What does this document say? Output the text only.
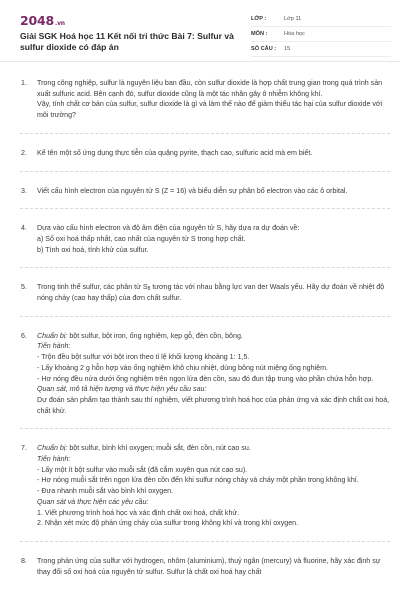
2048.vn
Giải SGK Hoá học 11 Kết nối tri thức Bài 7: Sulfur và sulfur dioxide có đáp án
LỚP :	Lớp 11
MÔN :	Hóa học
SỐ CÂU :	15
1.	Trong công nghiệp, sulfur là nguyên liệu ban đầu, còn sulfur dioxide là hợp chất trung gian trong quá trình sản xuất sulfuric acid. Bên cạnh đó, sulfur dioxide cũng là một tác nhân gây ô nhiễm không khí.

Vậy, tính chất cơ bản của sulfur, sulfur dioxide là gì và làm thế nào để giảm thiểu tác hại của sulfur dioxide với môi trường?

2.	Kể tên một số ứng dụng thực tiễn của quặng pyrite, thạch cao, sulfuric acid mà em biết.

3.	Viết cấu hình electron của nguyên tử S (Z = 16) và biểu diễn sự phân bố electron vào các ô orbital.

4.	Dựa vào cấu hình electron và độ âm điện của nguyên tử S, hãy dựa ra dự đoán về:

a) Số oxi hoá thấp nhất, cao nhất của nguyên tử S trong hợp chất.

b) Tính oxi hoá, tính khử của sulfur.

5.	Trong tinh thể sulfur, các phân tử $S_8$ tương tác với nhau bằng lực van der Waals yếu. Hãy dự đoán về nhiệt độ nóng chảy (cao hay thấp) của đơn chất sulfur.

6.	Chuẩn bị: bột sulfur, bột iron, ống nghiệm, kẹp gỗ, đèn cồn, bông.

Tiến hành:

- Trộn đều bột sulfur với bột iron theo tỉ lệ khối lượng khoảng 1: 1,5.

- Lấy khoảng 2 g hỗn hợp vào ống nghiệm khô chịu nhiệt, dùng bông nút miệng ống nghiệm.

- Hơ nóng đều nửa dưới ống nghiệm trên ngọn lửa đèn cồn, sau đó đun tập trung vào phần chứa hỗn hợp.

Quan sát, mô tả hiện tượng và thực hiện yêu cầu sau:

Dự đoán sản phẩm tạo thành sau thí nghiệm, viết phương trình hoá học của phản ứng và xác định chất oxi hoá, chất khử.

7.	Chuẩn bị: bột sulfur, bình khí oxygen; muỗi sắt, đèn cồn, nút cao su.

Tiến hành:

- Lấy một ít bột sulfur vào muỗi sắt (đã cắm xuyên qua nút cao su).

- Hơ nóng muỗi sắt trên ngọn lửa đèn cồn đến khi sulfur nóng chảy và cháy một phần trong không khí.

- Đưa nhanh muỗi sắt vào bình khí oxygen.

Quan sát và thực hiện các yêu cầu:

1. Viết phương trình hoá học và xác định chất oxi hoá, chất khử.

2. Nhận xét mức độ phản ứng cháy của sulfur trong không khí và trong khí oxygen.

8.	Trong phản ứng của sulfur với hydrogen, nhôm (aluminium), thuỷ ngân (mercury) và fluorine, hãy xác định sự thay đổi số oxi hoá của nguyên tử sulfur. Sulfur là chất oxi hoá hay chất
